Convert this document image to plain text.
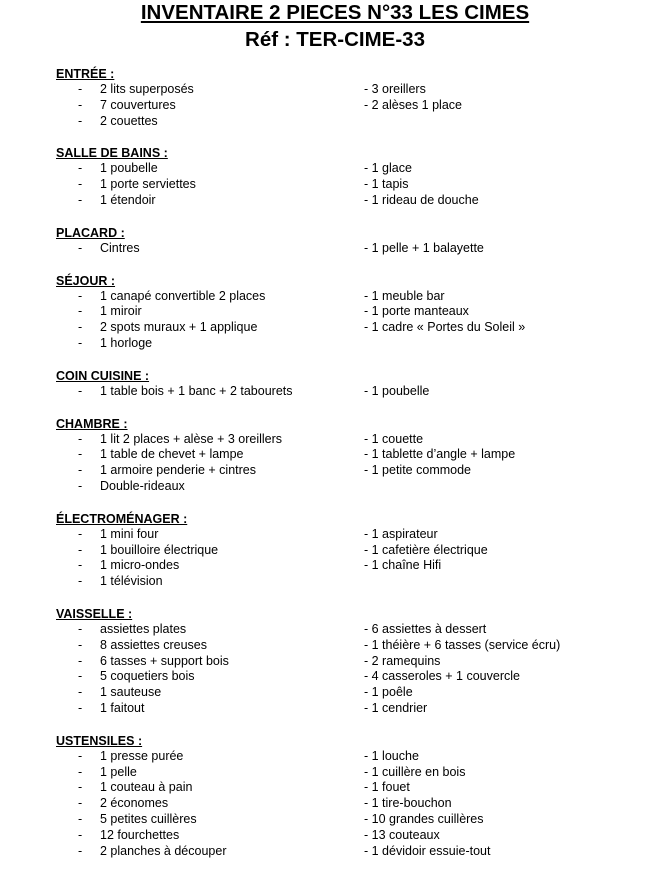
INVENTAIRE 2 PIECES N°33 LES CIMES
Réf : TER-CIME-33
ENTRÉE :
- 2 lits superposés	- 3 oreillers
- 7 couvertures	- 2 alèses 1 place
- 2 couettes
SALLE DE BAINS :
- 1 poubelle	- 1 glace
- 1 porte serviettes	- 1 tapis
- 1 étendoir	- 1 rideau de douche
PLACARD :
- Cintres	- 1 pelle + 1 balayette
SÉJOUR :
- 1 canapé convertible 2 places	- 1 meuble bar
- 1 miroir	- 1 porte manteaux
- 2 spots muraux + 1 applique	- 1 cadre « Portes du Soleil »
- 1 horloge
COIN CUISINE :
- 1 table bois + 1 banc + 2 tabourets	- 1 poubelle
CHAMBRE :
- 1 lit 2 places + alèse + 3 oreillers	- 1 couette
- 1 table de chevet + lampe	- 1 tablette d’angle + lampe
- 1 armoire penderie + cintres	- 1 petite commode
- Double-rideaux
ÉLECTROMÉNAGER :
- 1 mini four	- 1 aspirateur
- 1 bouilloire électrique	- 1 cafetière électrique
- 1 micro-ondes	- 1 chaîne Hifi
- 1 télévision
VAISSELLE :
- assiettes plates	- 6 assiettes à dessert
- 8 assiettes creuses	- 1 théière + 6 tasses (service écru)
- 6 tasses + support bois	- 2 ramequins
- 5 coquetiers bois	- 4 casseroles + 1 couvercle
- 1 sauteuse	- 1 poêle
- 1 faitout	- 1 cendrier
USTENSILES :
- 1 presse purée	- 1 louche
- 1 pelle	- 1 cuillère en bois
- 1 couteau à pain	- 1 fouet
- 2 économes	- 1 tire-bouchon
- 5 petites cuillères	- 10 grandes cuillères
- 12 fourchettes	- 13 couteaux
- 2 planches à découper	- 1 dévidoir essuie-tout
